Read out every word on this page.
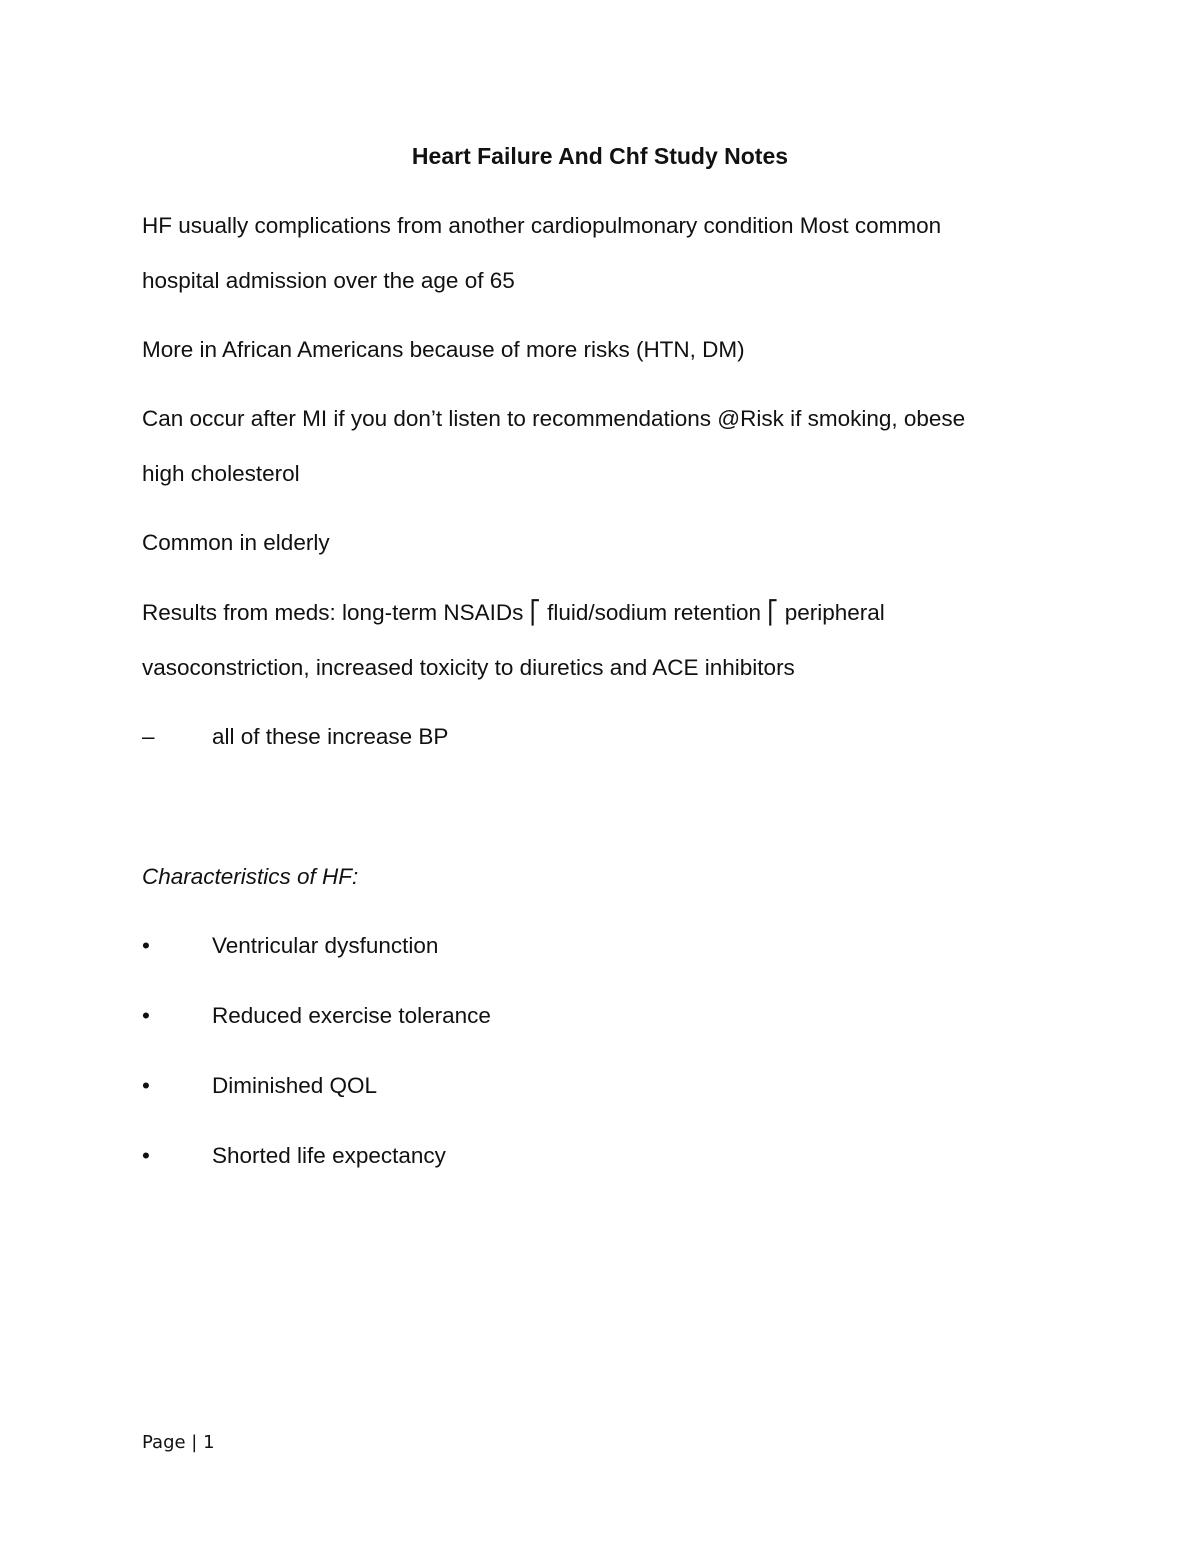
Heart Failure And Chf Study Notes
HF usually complications from another cardiopulmonary condition Most common
hospital admission over the age of 65
More in African Americans because of more risks (HTN, DM)
Can occur after MI if you don’t listen to recommendations @Risk if smoking, obese
high cholesterol
Common in elderly
Results from meds: long-term NSAIDs ⎡ fluid/sodium retention ⎡ peripheral
vasoconstriction, increased toxicity to diuretics and ACE inhibitors
–	all of these increase BP
Characteristics of HF:
•	Ventricular dysfunction
•	Reduced exercise tolerance
•	Diminished QOL
•	Shorted life expectancy
Page | 1
